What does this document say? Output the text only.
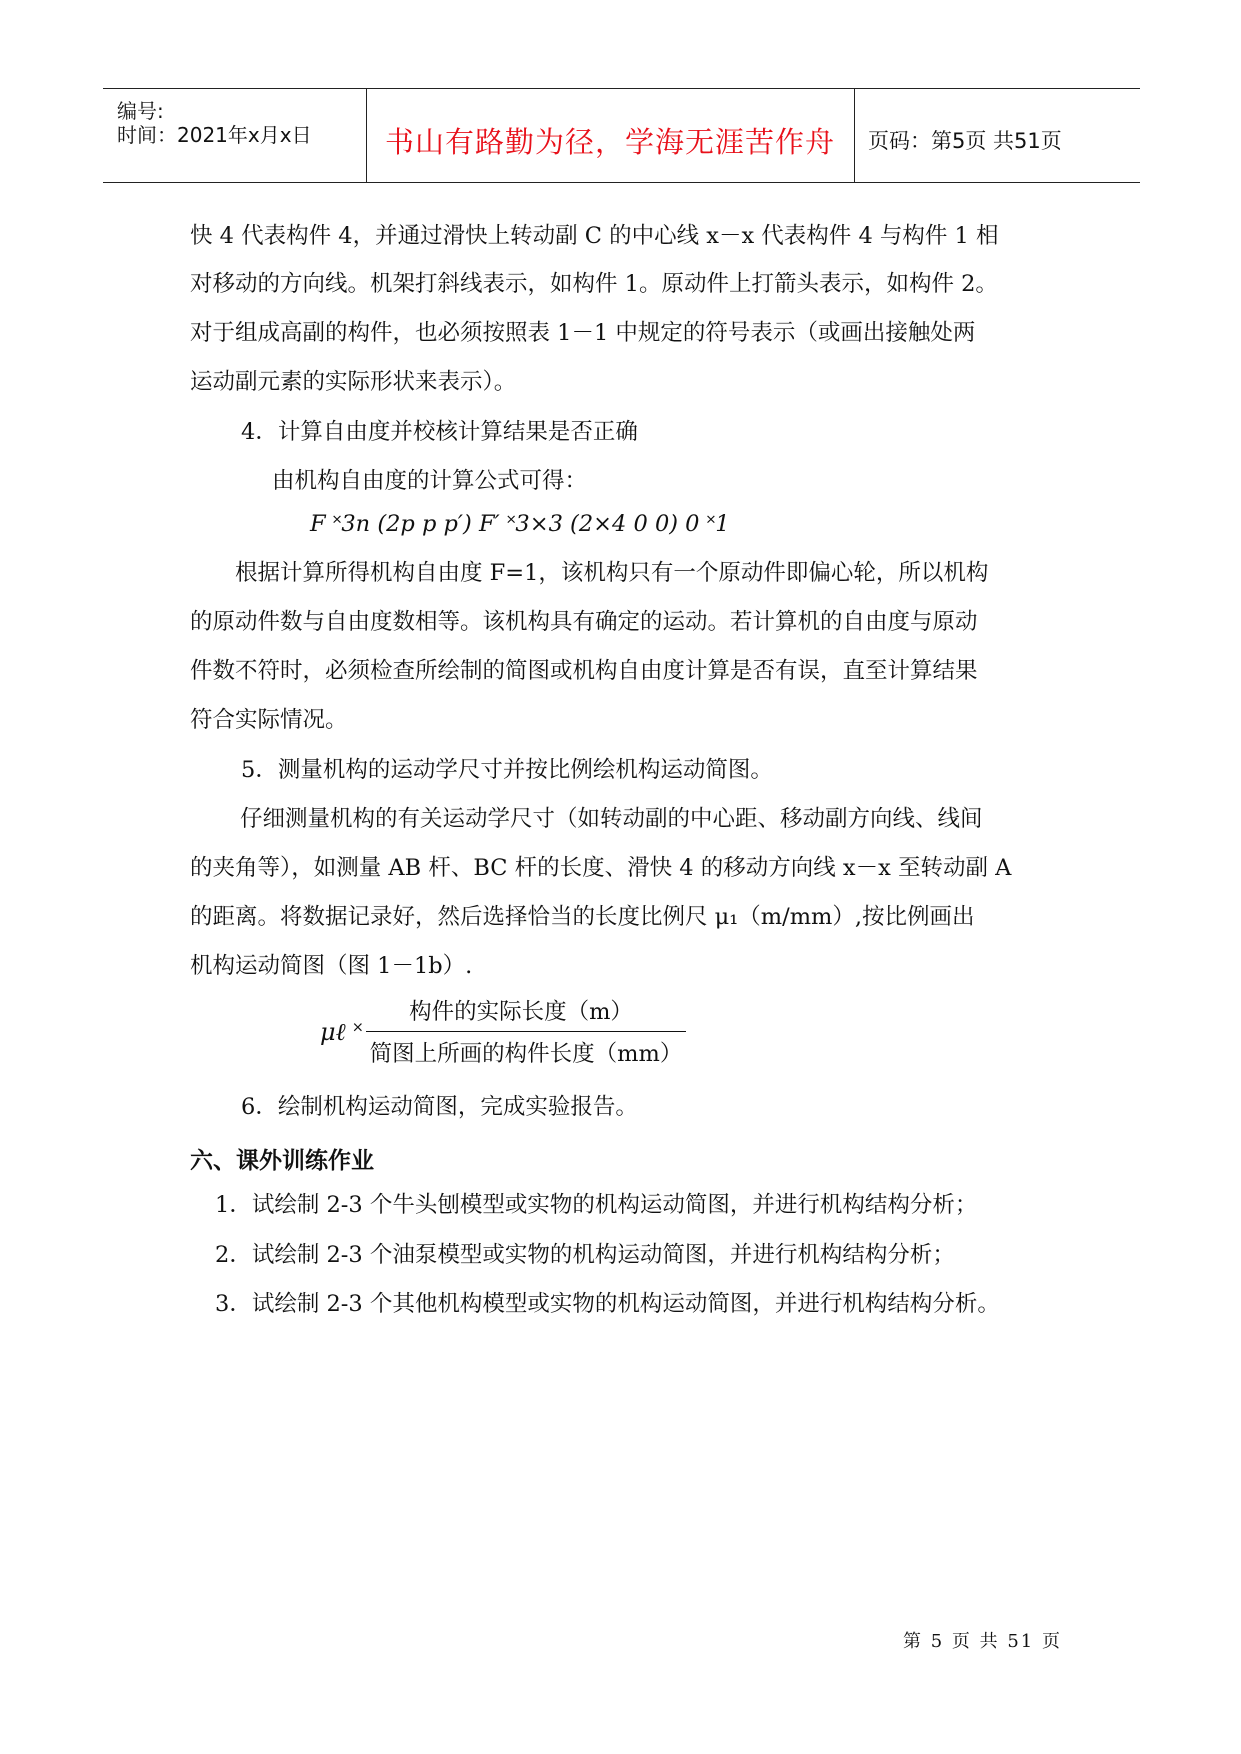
编号:
时间：2021年x月x日	书山有路勤为径，学海无涯苦作舟	页码：第5页 共51页
快 4 代表构件 4，并通过滑快上转动副 C 的中心线 x－x 代表构件 4 与构件 1 相
对移动的方向线。机架打斜线表示，如构件 1。原动件上打箭头表示，如构件 2。
对于组成高副的构件，也必须按照表 1－1 中规定的符号表示（或画出接触处两
运动副元素的实际形状来表示）。
4．计算自由度并校核计算结果是否正确
由机构自由度的计算公式可得：
F ˟3n (2p p p′) F′ ˟3×3 (2×4 0 0) 0 ˟1
根据计算所得机构自由度 F=1，该机构只有一个原动件即偏心轮，所以机构
的原动件数与自由度数相等。该机构具有确定的运动。若计算机的自由度与原动
件数不符时，必须检查所绘制的简图或机构自由度计算是否有误，直至计算结果
符合实际情况。
5．测量机构的运动学尺寸并按比例绘机构运动简图。
仔细测量机构的有关运动学尺寸（如转动副的中心距、移动副方向线、线间
的夹角等），如测量 AB 杆、BC 杆的长度、滑快 4 的移动方向线 x－x 至转动副 A
的距离。将数据记录好，然后选择恰当的长度比例尺 μ₁（m/mm）,按比例画出
机构运动简图（图 1－1b）.
μℓ ˟
构件的实际长度（m）
简图上所画的构件长度（mm）
6．绘制机构运动简图，完成实验报告。
六、课外训练作业
1．试绘制 2-3 个牛头刨模型或实物的机构运动简图，并进行机构结构分析；
2．试绘制 2-3 个油泵模型或实物的机构运动简图，并进行机构结构分析；
3．试绘制 2-3 个其他机构模型或实物的机构运动简图，并进行机构结构分析。
第 5 页 共 51 页
